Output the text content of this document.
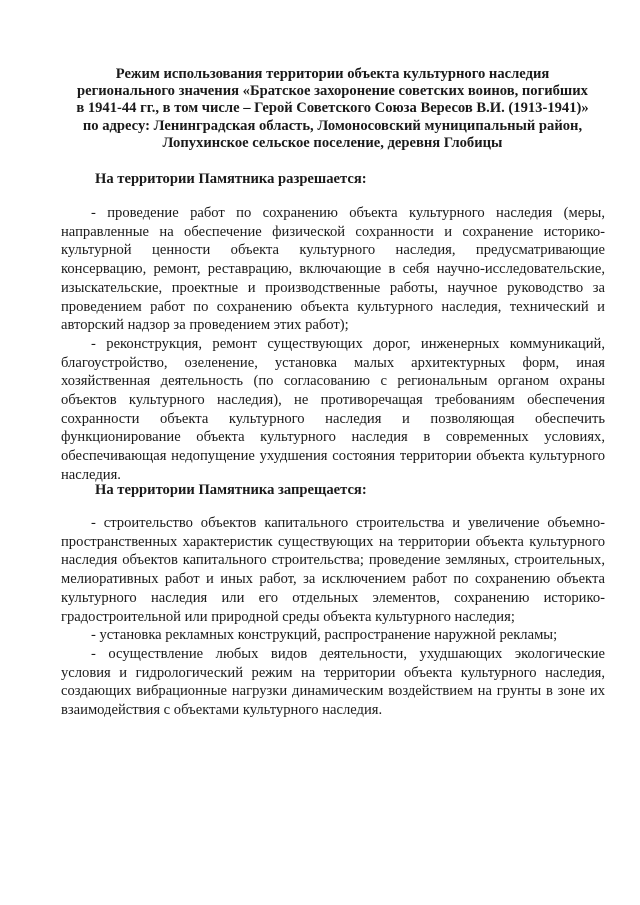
Режим использования территории объекта культурного наследия
регионального значения «Братское захоронение советских воинов, погибших
в 1941-44 гг., в том числе – Герой Советского Союза Вересов В.И. (1913-1941)»
по адресу: Ленинградская область, Ломоносовский муниципальный район,
Лопухинское сельское поселение, деревня Глобицы
На территории Памятника разрешается:

- проведение работ по сохранению объекта культурного наследия (меры, направленные на обеспечение физической сохранности и сохранение историко-культурной ценности объекта культурного наследия, предусматривающие консервацию, ремонт, реставрацию, включающие в себя научно-исследовательские, изыскательские, проектные и производственные работы, научное руководство за проведением работ по сохранению объекта культурного наследия, технический и авторский надзор за проведением этих работ);

- реконструкция, ремонт существующих дорог, инженерных коммуникаций, благоустройство, озеленение, установка малых архитектурных форм, иная хозяйственная деятельность (по согласованию с региональным органом охраны объектов культурного наследия), не противоречащая требованиям обеспечения сохранности объекта культурного наследия и позволяющая обеспечить функционирование объекта культурного наследия в современных условиях, обеспечивающая недопущение ухудшения состояния территории объекта культурного наследия.

На территории Памятника запрещается:

- строительство объектов капитального строительства и увеличение объемно-пространственных характеристик существующих на территории объекта культурного наследия объектов капитального строительства; проведение земляных, строительных, мелиоративных работ и иных работ, за исключением работ по сохранению объекта культурного наследия или его отдельных элементов, сохранению историко-градостроительной или природной среды объекта культурного наследия;

- установка рекламных конструкций, распространение наружной рекламы;

- осуществление любых видов деятельности, ухудшающих экологические условия и гидрологический режим на территории объекта культурного наследия, создающих вибрационные нагрузки динамическим воздействием на грунты в зоне их взаимодействия с объектами культурного наследия.
